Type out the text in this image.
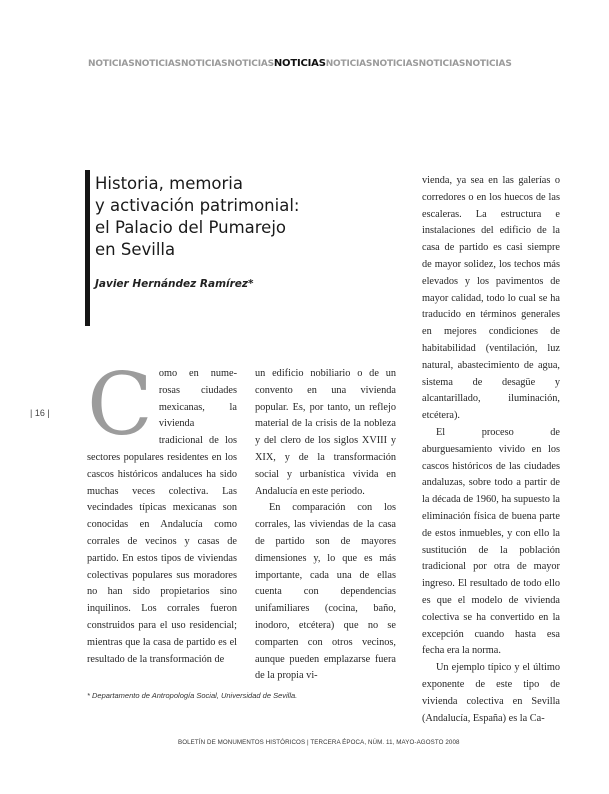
NOTICIASNOTICIASNOTICIASNOTICIASNOTICIASNOTICIASNOTICIASNOTICIASNOTICIAS
Historia, memoria
y activación patrimonial:
el Palacio del Pumarejo
en Sevilla

Javier Hernández Ramírez*

| 16 | C omo en nume- rosas ciudades mexicanas, la vivienda tradicional de los sectores populares residentes en los cascos históricos andaluces ha sido muchas veces colectiva. Las vecindades típicas mexicanas son conocidas en Andalucía como corrales de vecinos y casas de partido. En estos tipos de viviendas colectivas populares sus moradores no han sido propietarios sino inquilinos. Los corrales fueron construidos para el uso residencial; mientras que la casa de partido es el resultado de la transformación de

un edificio nobiliario o de un convento en una vivienda popular. Es, por tanto, un reflejo material de la crisis de la nobleza y del clero de los siglos XVIII y XIX, y de la transformación social y urbanística vivida en Andalucía en este periodo.

En comparación con los corrales, las viviendas de la casa de partido son de mayores dimensiones y, lo que es más importante, cada una de ellas cuenta con dependencias unifamiliares (cocina, baño, inodoro, etcétera) que no se comparten con otros vecinos, aunque pueden emplazarse fuera de la propia vi-

vienda, ya sea en las galerías o corredores o en los huecos de las escaleras. La estructura e instalaciones del edificio de la casa de partido es casi siempre de mayor solidez, los techos más elevados y los pavimentos de mayor calidad, todo lo cual se ha traducido en términos generales en mejores condiciones de habitabilidad (ventilación, luz natural, abastecimiento de agua, sistema de desagüe y alcantarillado, iluminación, etcétera).

El proceso de aburguesamiento vivido en los cascos históricos de las ciudades andaluzas, sobre todo a partir de la década de 1960, ha supuesto la eliminación física de buena parte de estos inmuebles, y con ello la sustitución de la población tradicional por otra de mayor ingreso. El resultado de todo ello es que el modelo de vivienda colectiva se ha convertido en la excepción cuando hasta esa fecha era la norma.

Un ejemplo típico y el último exponente de este tipo de vivienda colectiva en Sevilla (Andalucía, España) es la Ca-

* Departamento de Antropología Social, Universidad de Sevilla.
BOLETÍN DE MONUMENTOS HISTÓRICOS | TERCERA ÉPOCA, NÚM. 11, MAYO-AGOSTO 2008
